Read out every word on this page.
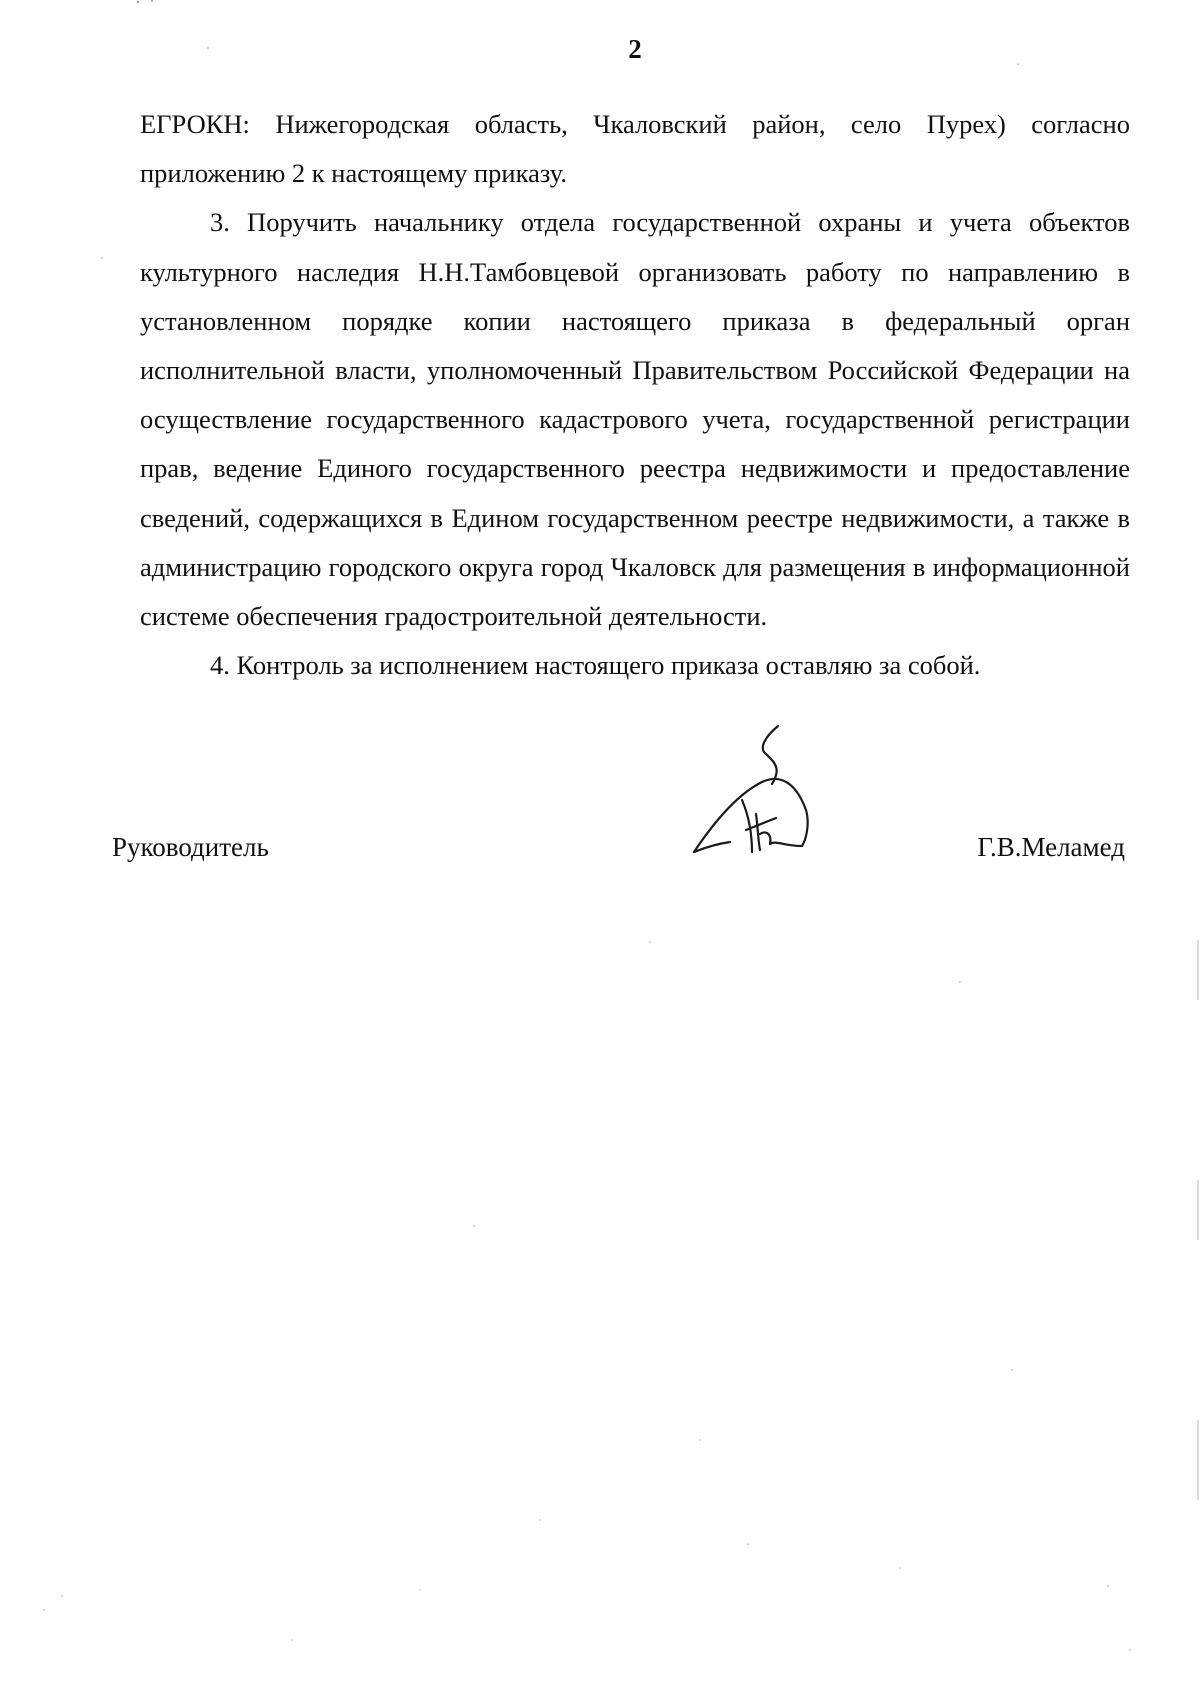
2

ЕГРОКН: Нижегородская область, Чкаловский район, село Пурех) согласно приложению 2 к настоящему приказу.

3. Поручить начальнику отдела государственной охраны и учета объектов культурного наследия Н.Н.Тамбовцевой организовать работу по направлению в установленном порядке копии настоящего приказа в федеральный орган исполнительной власти, уполномоченный Правительством Российской Федерации на осуществление государственного кадастрового учета, государственной регистрации прав, ведение Единого государственного реестра недвижимости и предоставление сведений, содержащихся в Едином государственном реестре недвижимости, а также в администрацию городского округа город Чкаловск для размещения в информационной системе обеспечения градостроительной деятельности.

4. Контроль за исполнением настоящего приказа оставляю за собой.

Руководитель	Г.В.Меламед
